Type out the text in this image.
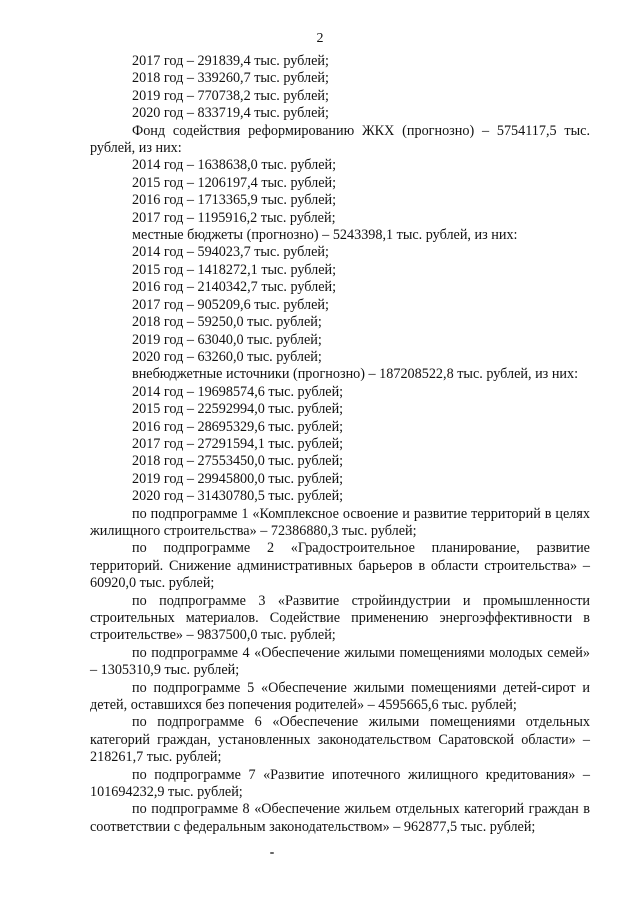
2

2017 год – 291839,4 тыс. рублей;

2018 год – 339260,7 тыс. рублей;

2019 год – 770738,2 тыс. рублей;

2020 год – 833719,4 тыс. рублей;

Фонд содействия реформированию ЖКХ (прогнозно) – 5754117,5 тыс. рублей, из них:

2014 год – 1638638,0 тыс. рублей;

2015 год – 1206197,4 тыс. рублей;

2016 год – 1713365,9 тыс. рублей;

2017 год – 1195916,2 тыс. рублей;

местные бюджеты (прогнозно) – 5243398,1 тыс. рублей, из них:

2014 год – 594023,7 тыс. рублей;

2015 год – 1418272,1 тыс. рублей;

2016 год – 2140342,7 тыс. рублей;

2017 год – 905209,6 тыс. рублей;

2018 год – 59250,0 тыс. рублей;

2019 год – 63040,0 тыс. рублей;

2020 год – 63260,0 тыс. рублей;

внебюджетные источники (прогнозно) – 187208522,8 тыс. рублей, из них:

2014 год – 19698574,6 тыс. рублей;

2015 год – 22592994,0 тыс. рублей;

2016 год – 28695329,6 тыс. рублей;

2017 год – 27291594,1 тыс. рублей;

2018 год – 27553450,0 тыс. рублей;

2019 год – 29945800,0 тыс. рублей;

2020 год – 31430780,5 тыс. рублей;

по подпрограмме 1 «Комплексное освоение и развитие территорий в целях жилищного строительства» – 72386880,3 тыс. рублей;

по подпрограмме 2 «Градостроительное планирование, развитие территорий. Снижение административных барьеров в области строительства» – 60920,0 тыс. рублей;

по подпрограмме 3 «Развитие стройиндустрии и промышленности строительных материалов. Содействие применению энергоэффективности в строительстве» – 9837500,0 тыс. рублей;

по подпрограмме 4 «Обеспечение жилыми помещениями молодых семей» – 1305310,9 тыс. рублей;

по подпрограмме 5 «Обеспечение жилыми помещениями детей-сирот и детей, оставшихся без попечения родителей» – 4595665,6 тыс. рублей;

по подпрограмме 6 «Обеспечение жилыми помещениями отдельных категорий граждан, установленных законодательством Саратовской области» – 218261,7 тыс. рублей;

по подпрограмме 7 «Развитие ипотечного жилищного кредитования» – 101694232,9 тыс. рублей;

по подпрограмме 8 «Обеспечение жильем отдельных категорий граждан в соответствии с федеральным законодательством» – 962877,5 тыс. рублей;
